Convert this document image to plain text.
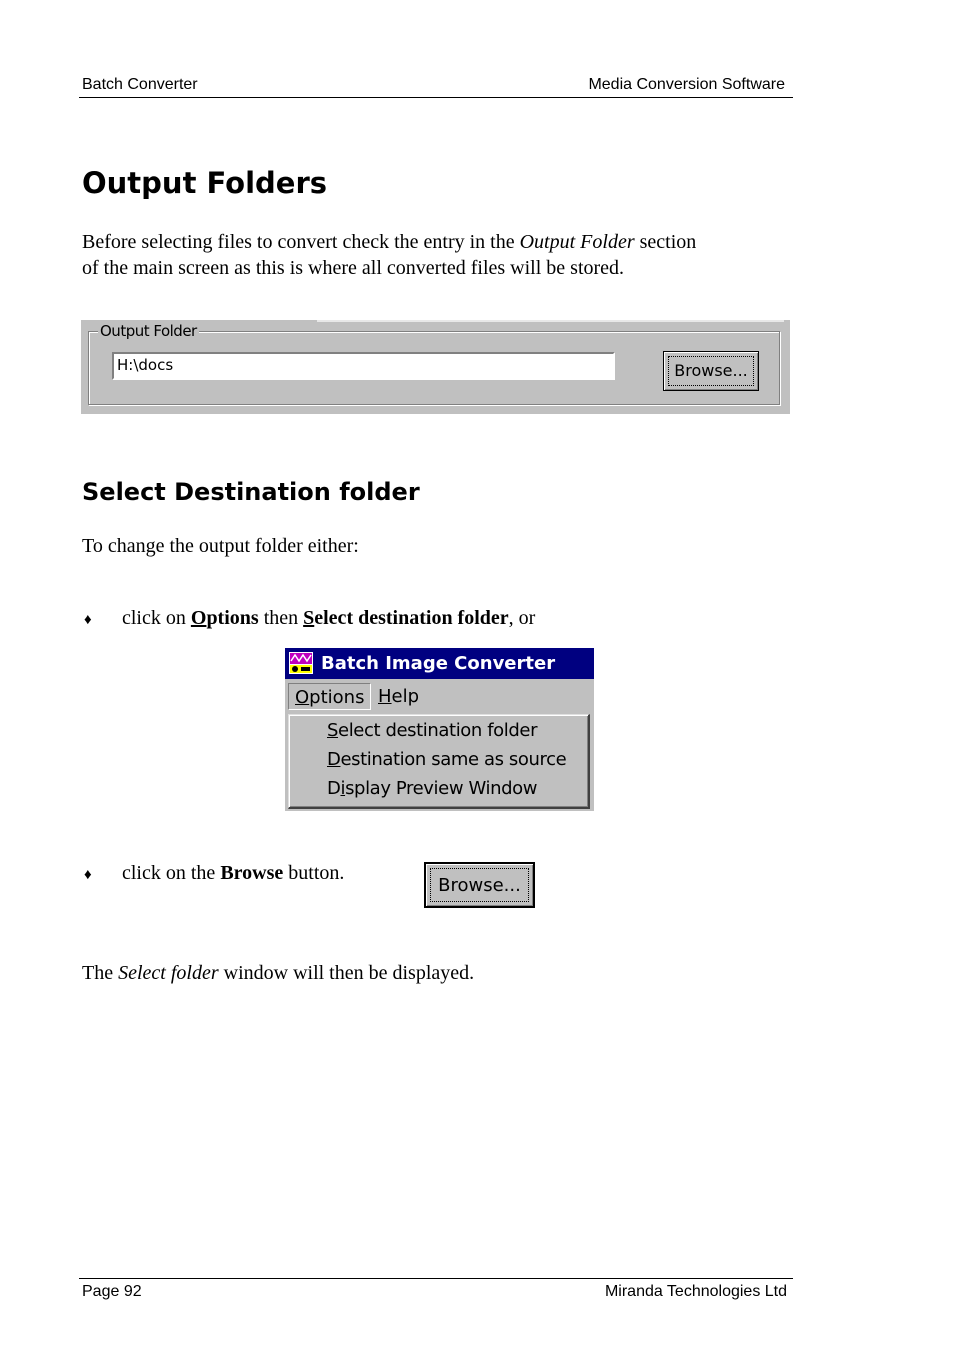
Batch Converter	Media Conversion Software
Output Folders

Before selecting files to convert check the entry in the Output Folder section
of the main screen as this is where all converted files will be stored.

Output Folder
H:\docs	Browse...
Select Destination folder

To change the output folder either:

♦ click on Options then Select destination folder, or
Batch Image Converter
Options Help
Select destination folder
Destination same as source
Display Preview Window
♦ click on the Browse button.
Browse...

The Select folder window will then be displayed.

Page 92	Miranda Technologies Ltd
